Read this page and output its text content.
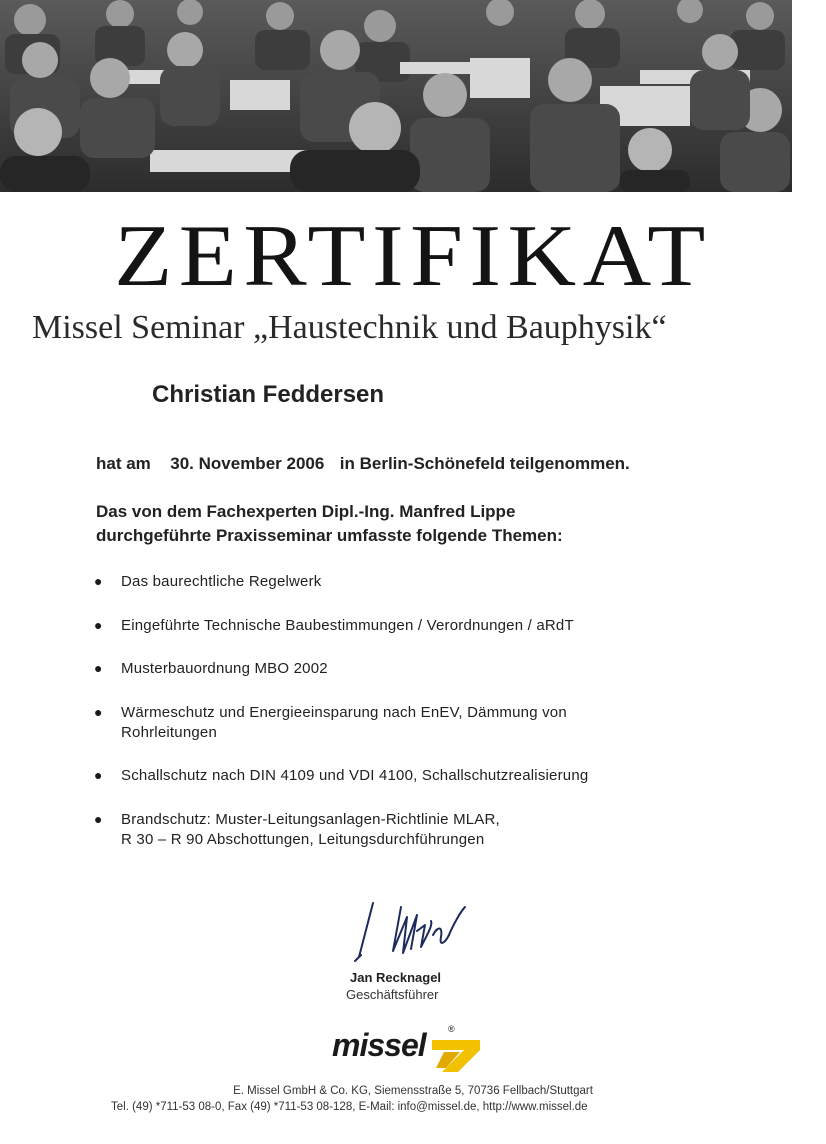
ZERTIFIKAT
Missel Seminar „Haustechnik und Bauphysik“
Christian Feddersen
hat am 30. November 2006 in Berlin-Schönefeld teilgenommen.
Das von dem Fachexperten Dipl.-Ing. Manfred Lippe
durchgeführte Praxisseminar umfasste folgende Themen:
●	Das baurechtliche Regelwerk
●	Eingeführte Technische Baubestimmungen / Verordnungen / aRdT
●	Musterbauordnung MBO 2002
●	Wärmeschutz und Energieeinsparung nach EnEV, Dämmung von
Rohrleitungen
●	Schallschutz nach DIN 4109 und VDI 4100, Schallschutzrealisierung
●	Brandschutz: Muster-Leitungsanlagen-Richtlinie MLAR,
R 30 – R 90 Abschottungen, Leitungsdurchführungen
Jan Recknagel
Geschäftsführer
missel ®
E. Missel GmbH & Co. KG, Siemensstraße 5, 70736 Fellbach/Stuttgart
Tel. (49) *711-53 08-0, Fax (49) *711-53 08-128, E-Mail: info@missel.de, http://www.missel.de
